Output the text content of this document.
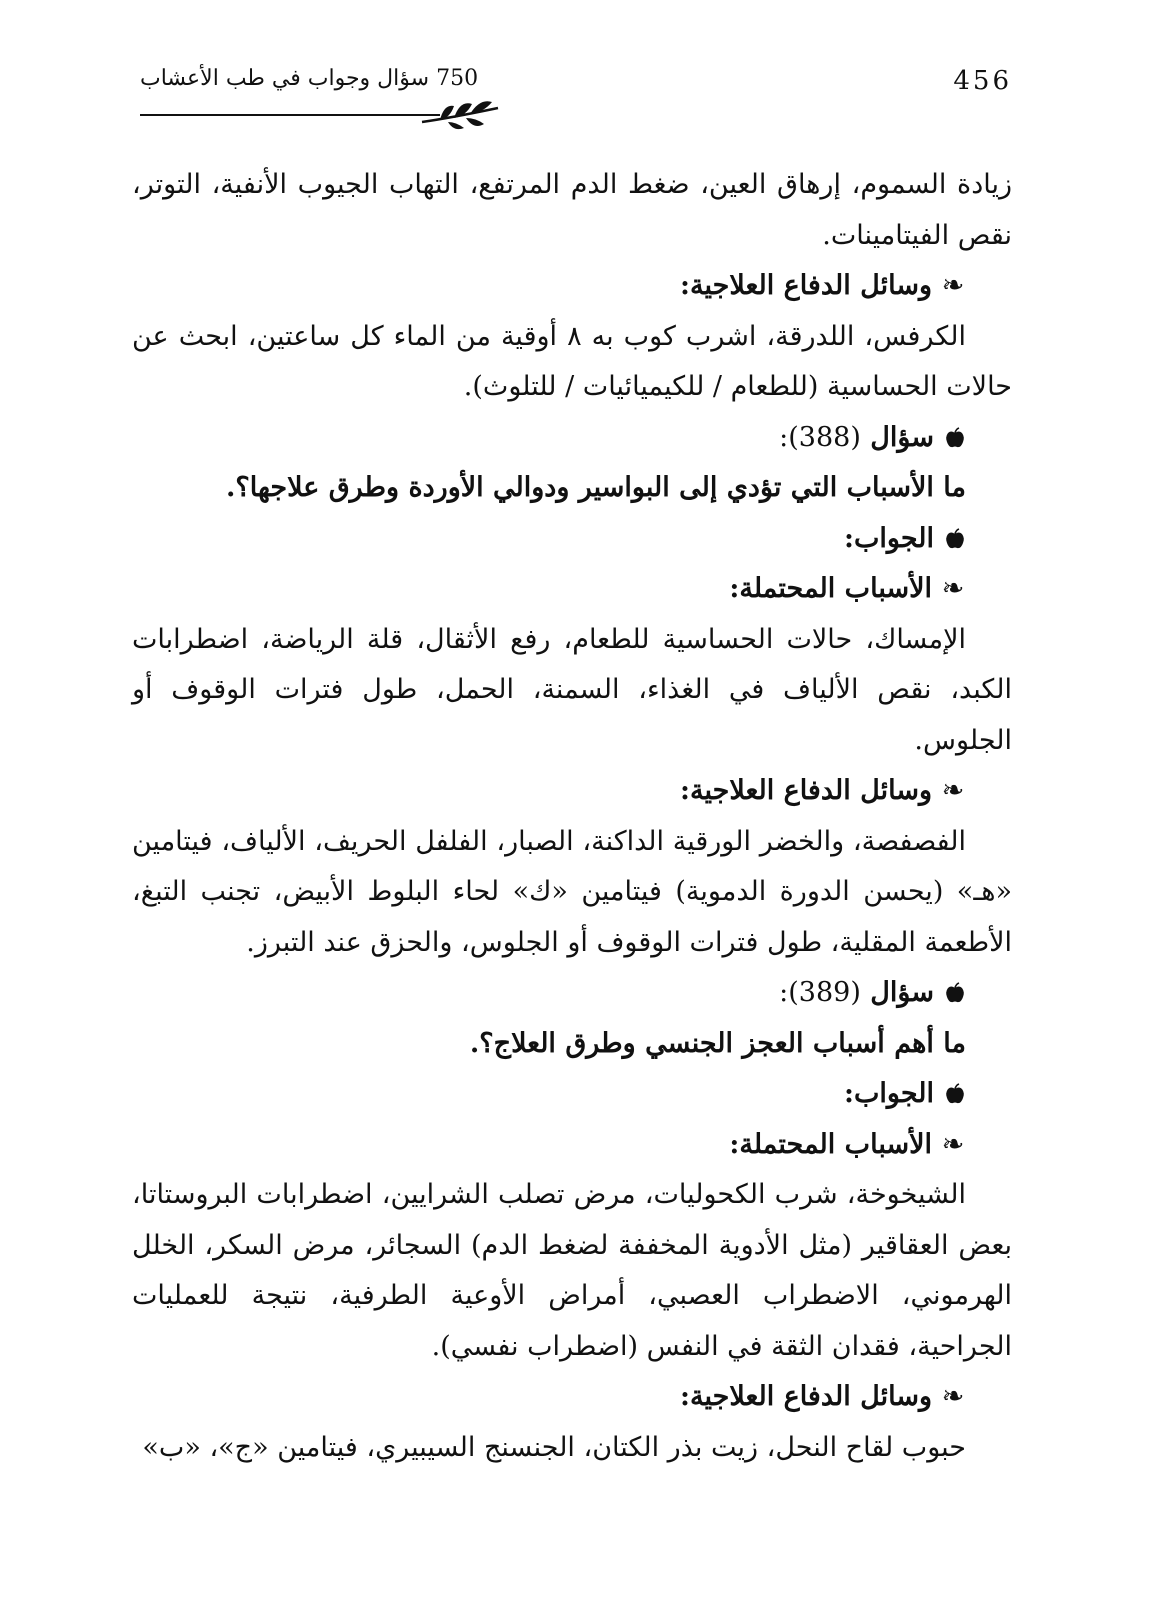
456
750 سؤال وجواب في طب الأعشاب

زيادة السموم، إرهاق العين، ضغط الدم المرتفع، التهاب الجيوب الأنفية، التوتر، نقص الفيتامينات.

❧وسائل الدفاع العلاجية:

الكرفس، اللدرقة، اشرب كوب به ٨ أوقية من الماء كل ساعتين، ابحث عن حالات الحساسية (للطعام / للكيميائيات / للتلوث).

سؤال (388):

ما الأسباب التي تؤدي إلى البواسير ودوالي الأوردة وطرق علاجها؟.

الجواب:

❧الأسباب المحتملة:

الإمساك، حالات الحساسية للطعام، رفع الأثقال، قلة الرياضة، اضطرابات الكبد، نقص الألياف في الغذاء، السمنة، الحمل، طول فترات الوقوف أو الجلوس.

❧وسائل الدفاع العلاجية:

الفصفصة، والخضر الورقية الداكنة، الصبار، الفلفل الحريف، الألياف، فيتامين «هـ» (يحسن الدورة الدموية) فيتامين «ك» لحاء البلوط الأبيض، تجنب التبغ، الأطعمة المقلية، طول فترات الوقوف أو الجلوس، والحزق عند التبرز.

سؤال (389):

ما أهم أسباب العجز الجنسي وطرق العلاج؟.

الجواب:

❧الأسباب المحتملة:

الشيخوخة، شرب الكحوليات، مرض تصلب الشرايين، اضطرابات البروستاتا، بعض العقاقير (مثل الأدوية المخففة لضغط الدم) السجائر، مرض السكر، الخلل الهرموني، الاضطراب العصبي، أمراض الأوعية الطرفية، نتيجة للعمليات الجراحية، فقدان الثقة في النفس (اضطراب نفسي).

❧وسائل الدفاع العلاجية:

حبوب لقاح النحل، زيت بذر الكتان، الجنسنج السيبيري، فيتامين «ج»، «ب»
